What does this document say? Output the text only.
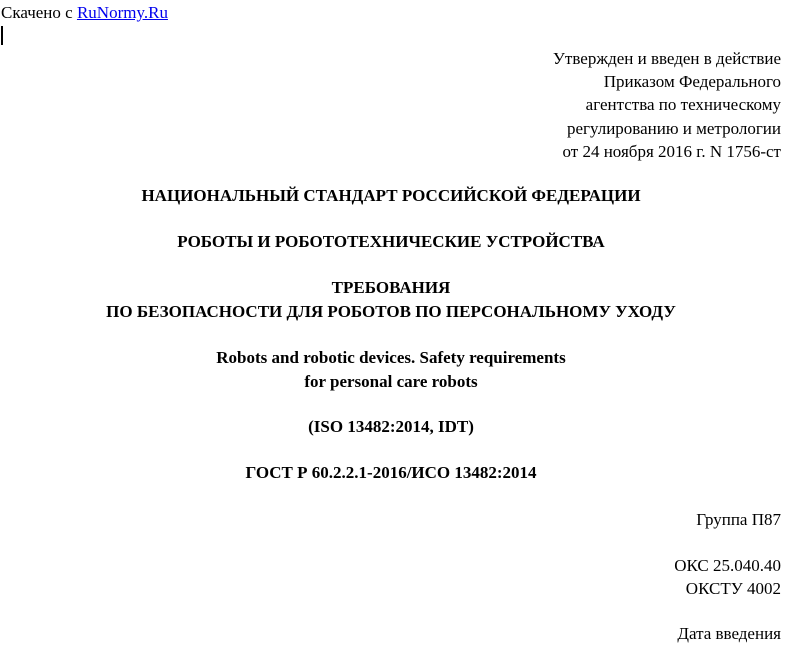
Скачено с RuNormy.Ru
Утвержден и введен в действие
Приказом Федерального
агентства по техническому
регулированию и метрологии
от 24 ноября 2016 г. N 1756-ст
НАЦИОНАЛЬНЫЙ СТАНДАРТ РОССИЙСКОЙ ФЕДЕРАЦИИ
РОБОТЫ И РОБОТОТЕХНИЧЕСКИЕ УСТРОЙСТВА
ТРЕБОВАНИЯ
ПО БЕЗОПАСНОСТИ ДЛЯ РОБОТОВ ПО ПЕРСОНАЛЬНОМУ УХОДУ
Robots and robotic devices. Safety requirements
for personal care robots
(ISO 13482:2014, IDT)
ГОСТ Р 60.2.2.1-2016/ИСО 13482:2014
Группа П87
ОКС 25.040.40
ОКСТУ 4002
Дата введения
